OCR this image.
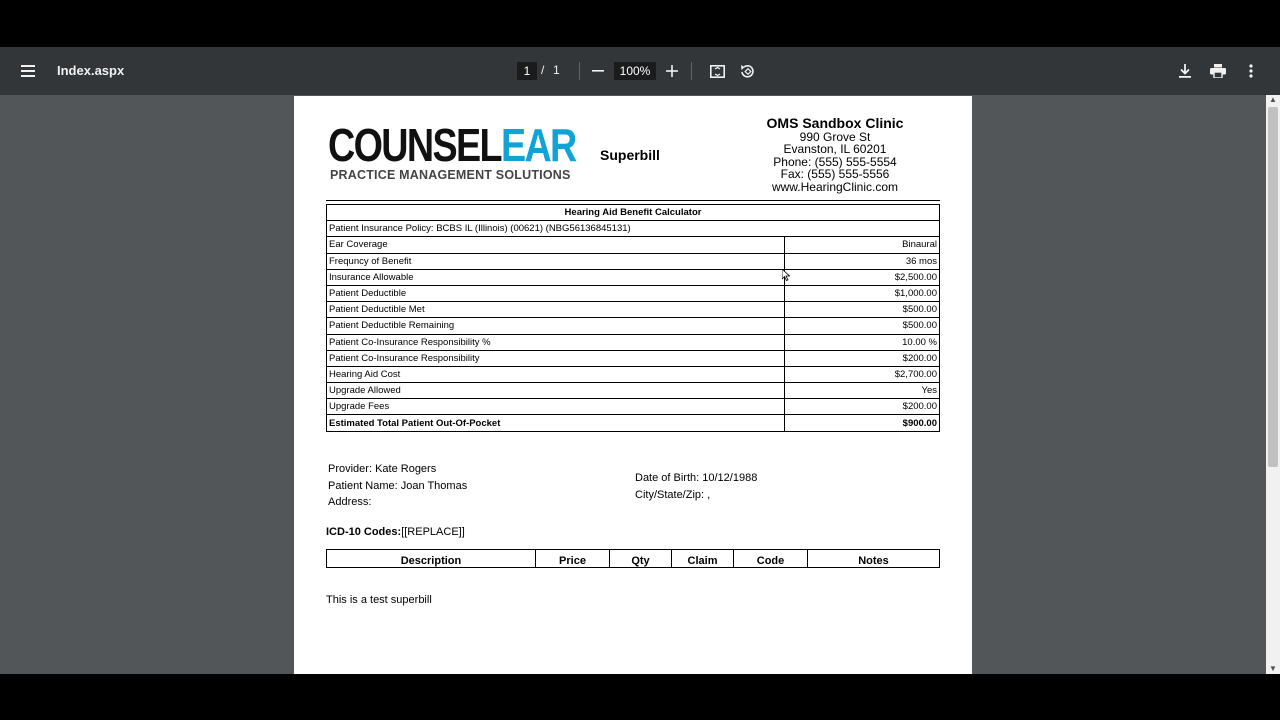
Index.aspx	1 / 1	100%
COUNSELEAR
PRACTICE MANAGEMENT SOLUTIONS
Superbill
OMS Sandbox Clinic
990 Grove St
Evanston, IL 60201
Phone: (555) 555-5554
Fax: (555) 555-5556
www.HearingClinic.com
Hearing Aid Benefit Calculator	
Patient Insurance Policy: BCBS IL (Illinois) (00621) (NBG56136845131)	
Ear Coverage	Binaural
Frequncy of Benefit	36 mos
Insurance Allowable	$2,500.00
Patient Deductible	$1,000.00
Patient Deductible Met	$500.00
Patient Deductible Remaining	$500.00
Patient Co-Insurance Responsibility %	10.00 %
Patient Co-Insurance Responsibility	$200.00
Hearing Aid Cost	$2,700.00
Upgrade Allowed	Yes
Upgrade Fees	$200.00
Estimated Total Patient Out-Of-Pocket	$900.00
Provider: Kate Rogers
Patient Name: Joan Thomas
Address:
Date of Birth: 10/12/1988
City/State/Zip: ,
ICD-10 Codes:[[REPLACE]]
Description	Price	Qty	Claim	Code	Notes
This is a test superbill
▲
▼
